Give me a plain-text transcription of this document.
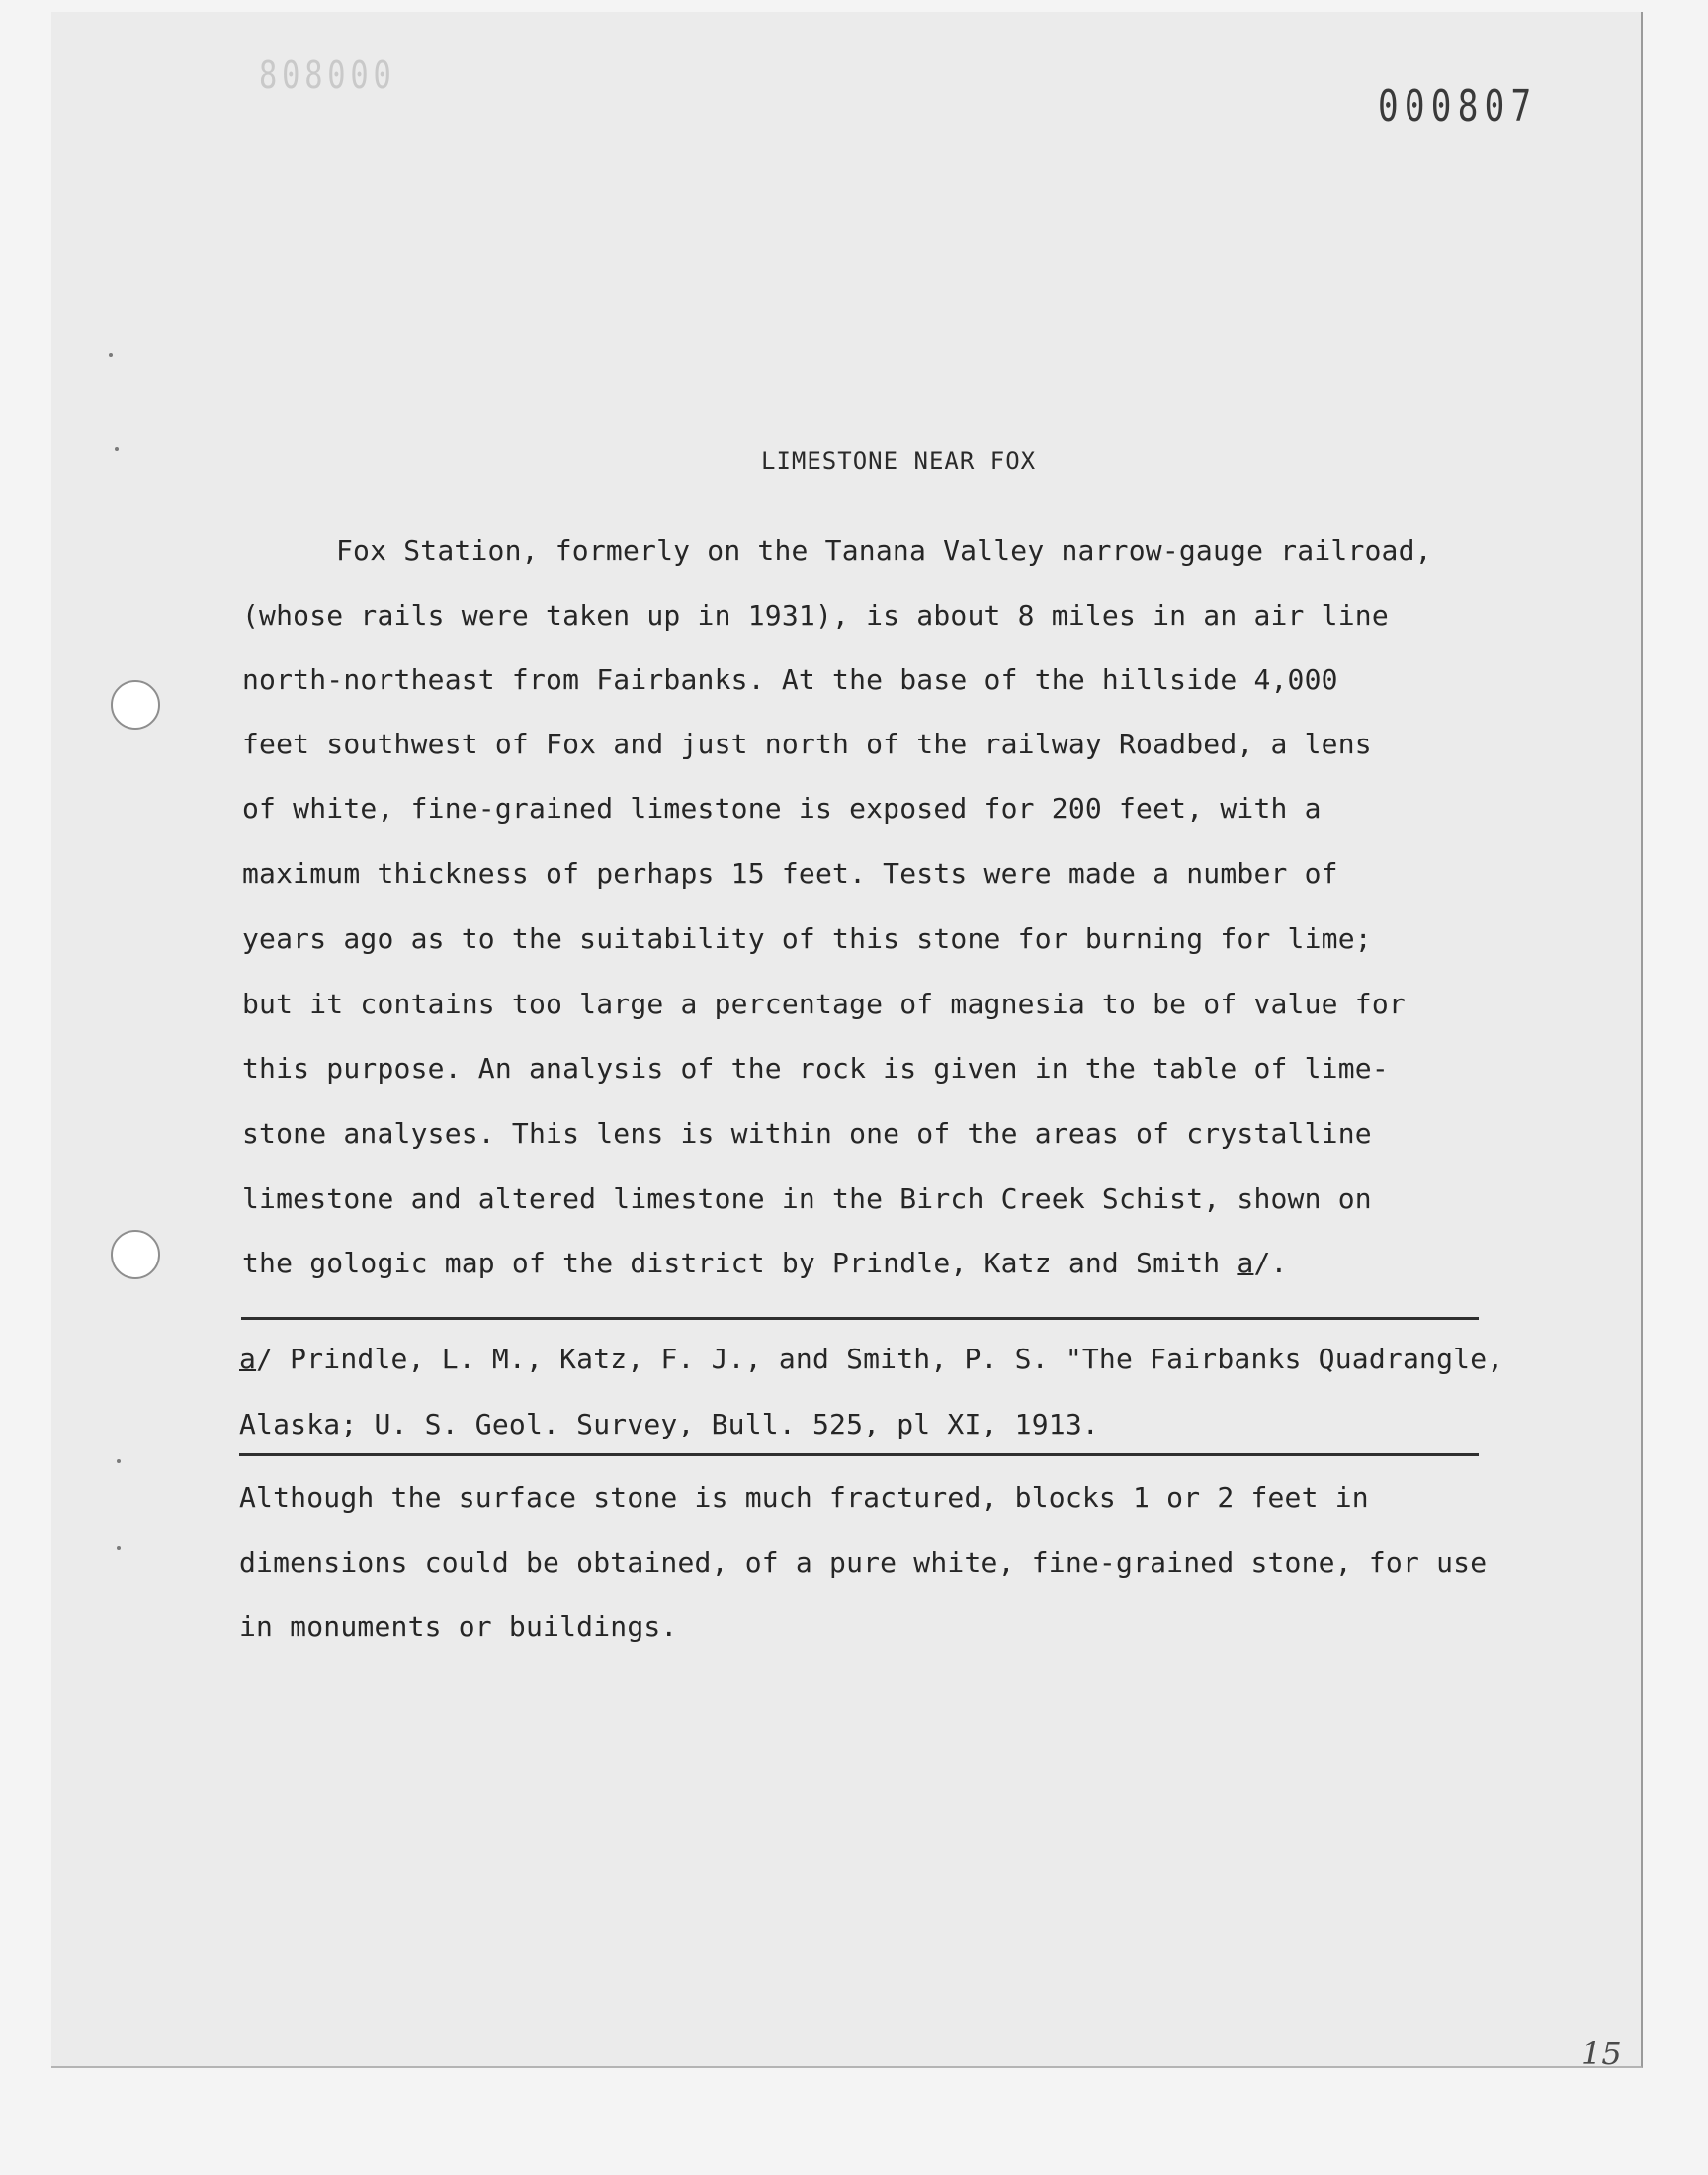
808000
000807
LIMESTONE NEAR FOX
Fox Station, formerly on the Tanana Valley narrow-gauge railroad,
(whose rails were taken up in 1931), is about 8 miles in an air line
north-northeast from Fairbanks. At the base of the hillside 4,000
feet southwest of Fox and just north of the railway Roadbed, a lens
of white, fine-grained limestone is exposed for 200 feet, with a
maximum thickness of perhaps 15 feet. Tests were made a number of
years ago as to the suitability of this stone for burning for lime;
but it contains too large a percentage of magnesia to be of value for
this purpose. An analysis of the rock is given in the table of lime-
stone analyses. This lens is within one of the areas of crystalline
limestone and altered limestone in the Birch Creek Schist, shown on
the gologic map of the district by Prindle, Katz and Smith a/.
a/ Prindle, L. M., Katz, F. J., and Smith, P. S. "The Fairbanks Quadrangle,
Alaska; U. S. Geol. Survey, Bull. 525, pl XI, 1913.
Although the surface stone is much fractured, blocks 1 or 2 feet in
dimensions could be obtained, of a pure white, fine-grained stone, for use
in monuments or buildings.
15
